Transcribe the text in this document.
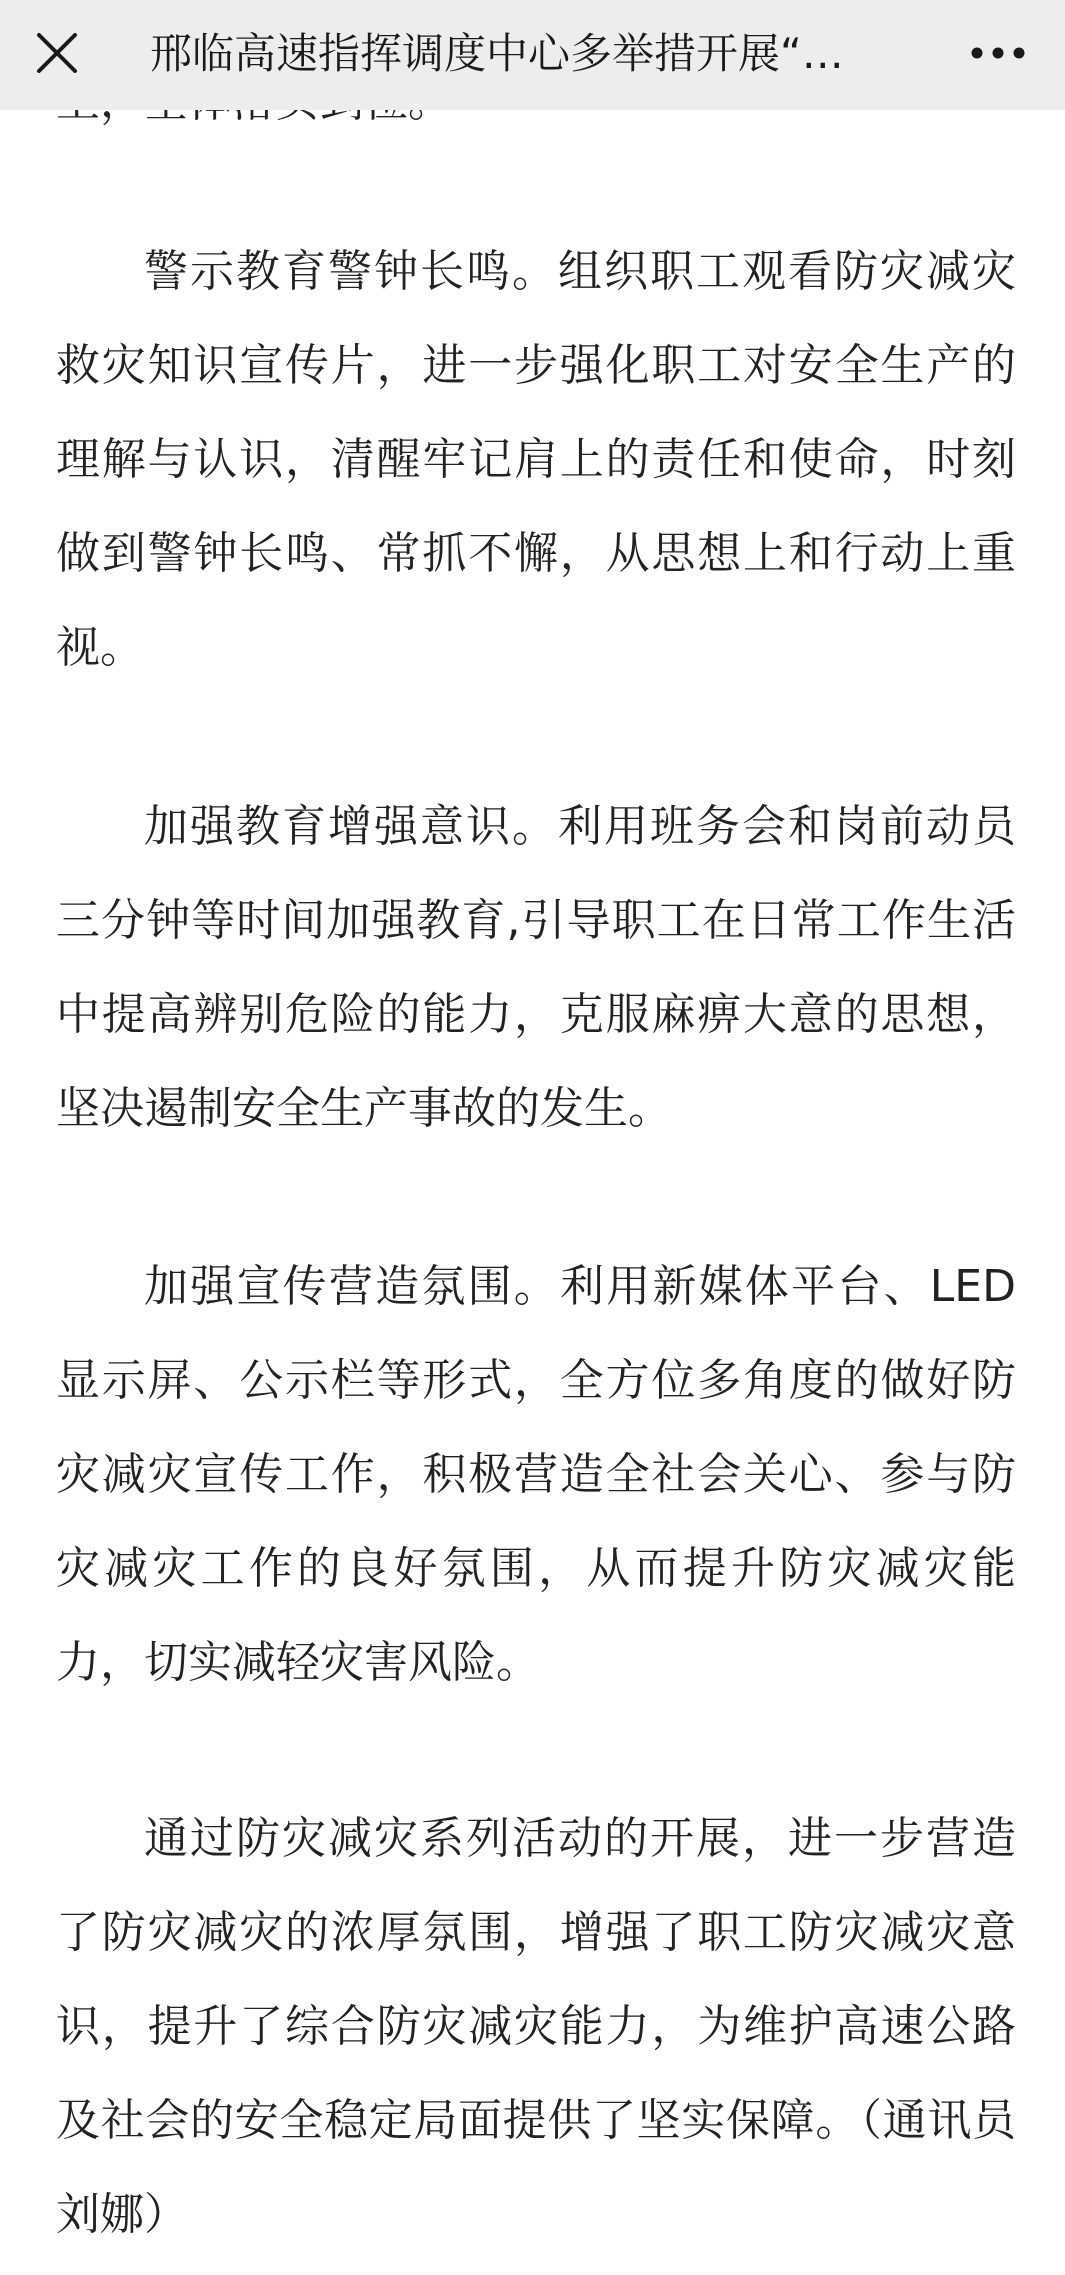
邢临高速指挥调度中心多举措开展“…

警示教育警钟长鸣。组织职工观看防灾减灾救灾知识宣传片，进一步强化职工对安全生产的理解与认识，清醒牢记肩上的责任和使命，时刻做到警钟长鸣、常抓不懈，从思想上和行动上重视。

加强教育增强意识。利用班务会和岗前动员三分钟等时间加强教育,引导职工在日常工作生活中提高辨别危险的能力，克服麻痹大意的思想，坚决遏制安全生产事故的发生。

加强宣传营造氛围。利用新媒体平台、LED显示屏、公示栏等形式，全方位多角度的做好防灾减灾宣传工作，积极营造全社会关心、参与防灾减灾工作的良好氛围，从而提升防灾减灾能力，切实减轻灾害风险。

通过防灾减灾系列活动的开展，进一步营造了防灾减灾的浓厚氛围，增强了职工防灾减灾意识，提升了综合防灾减灾能力，为维护高速公路及社会的安全稳定局面提供了坚实保障。（通讯员 刘娜）
